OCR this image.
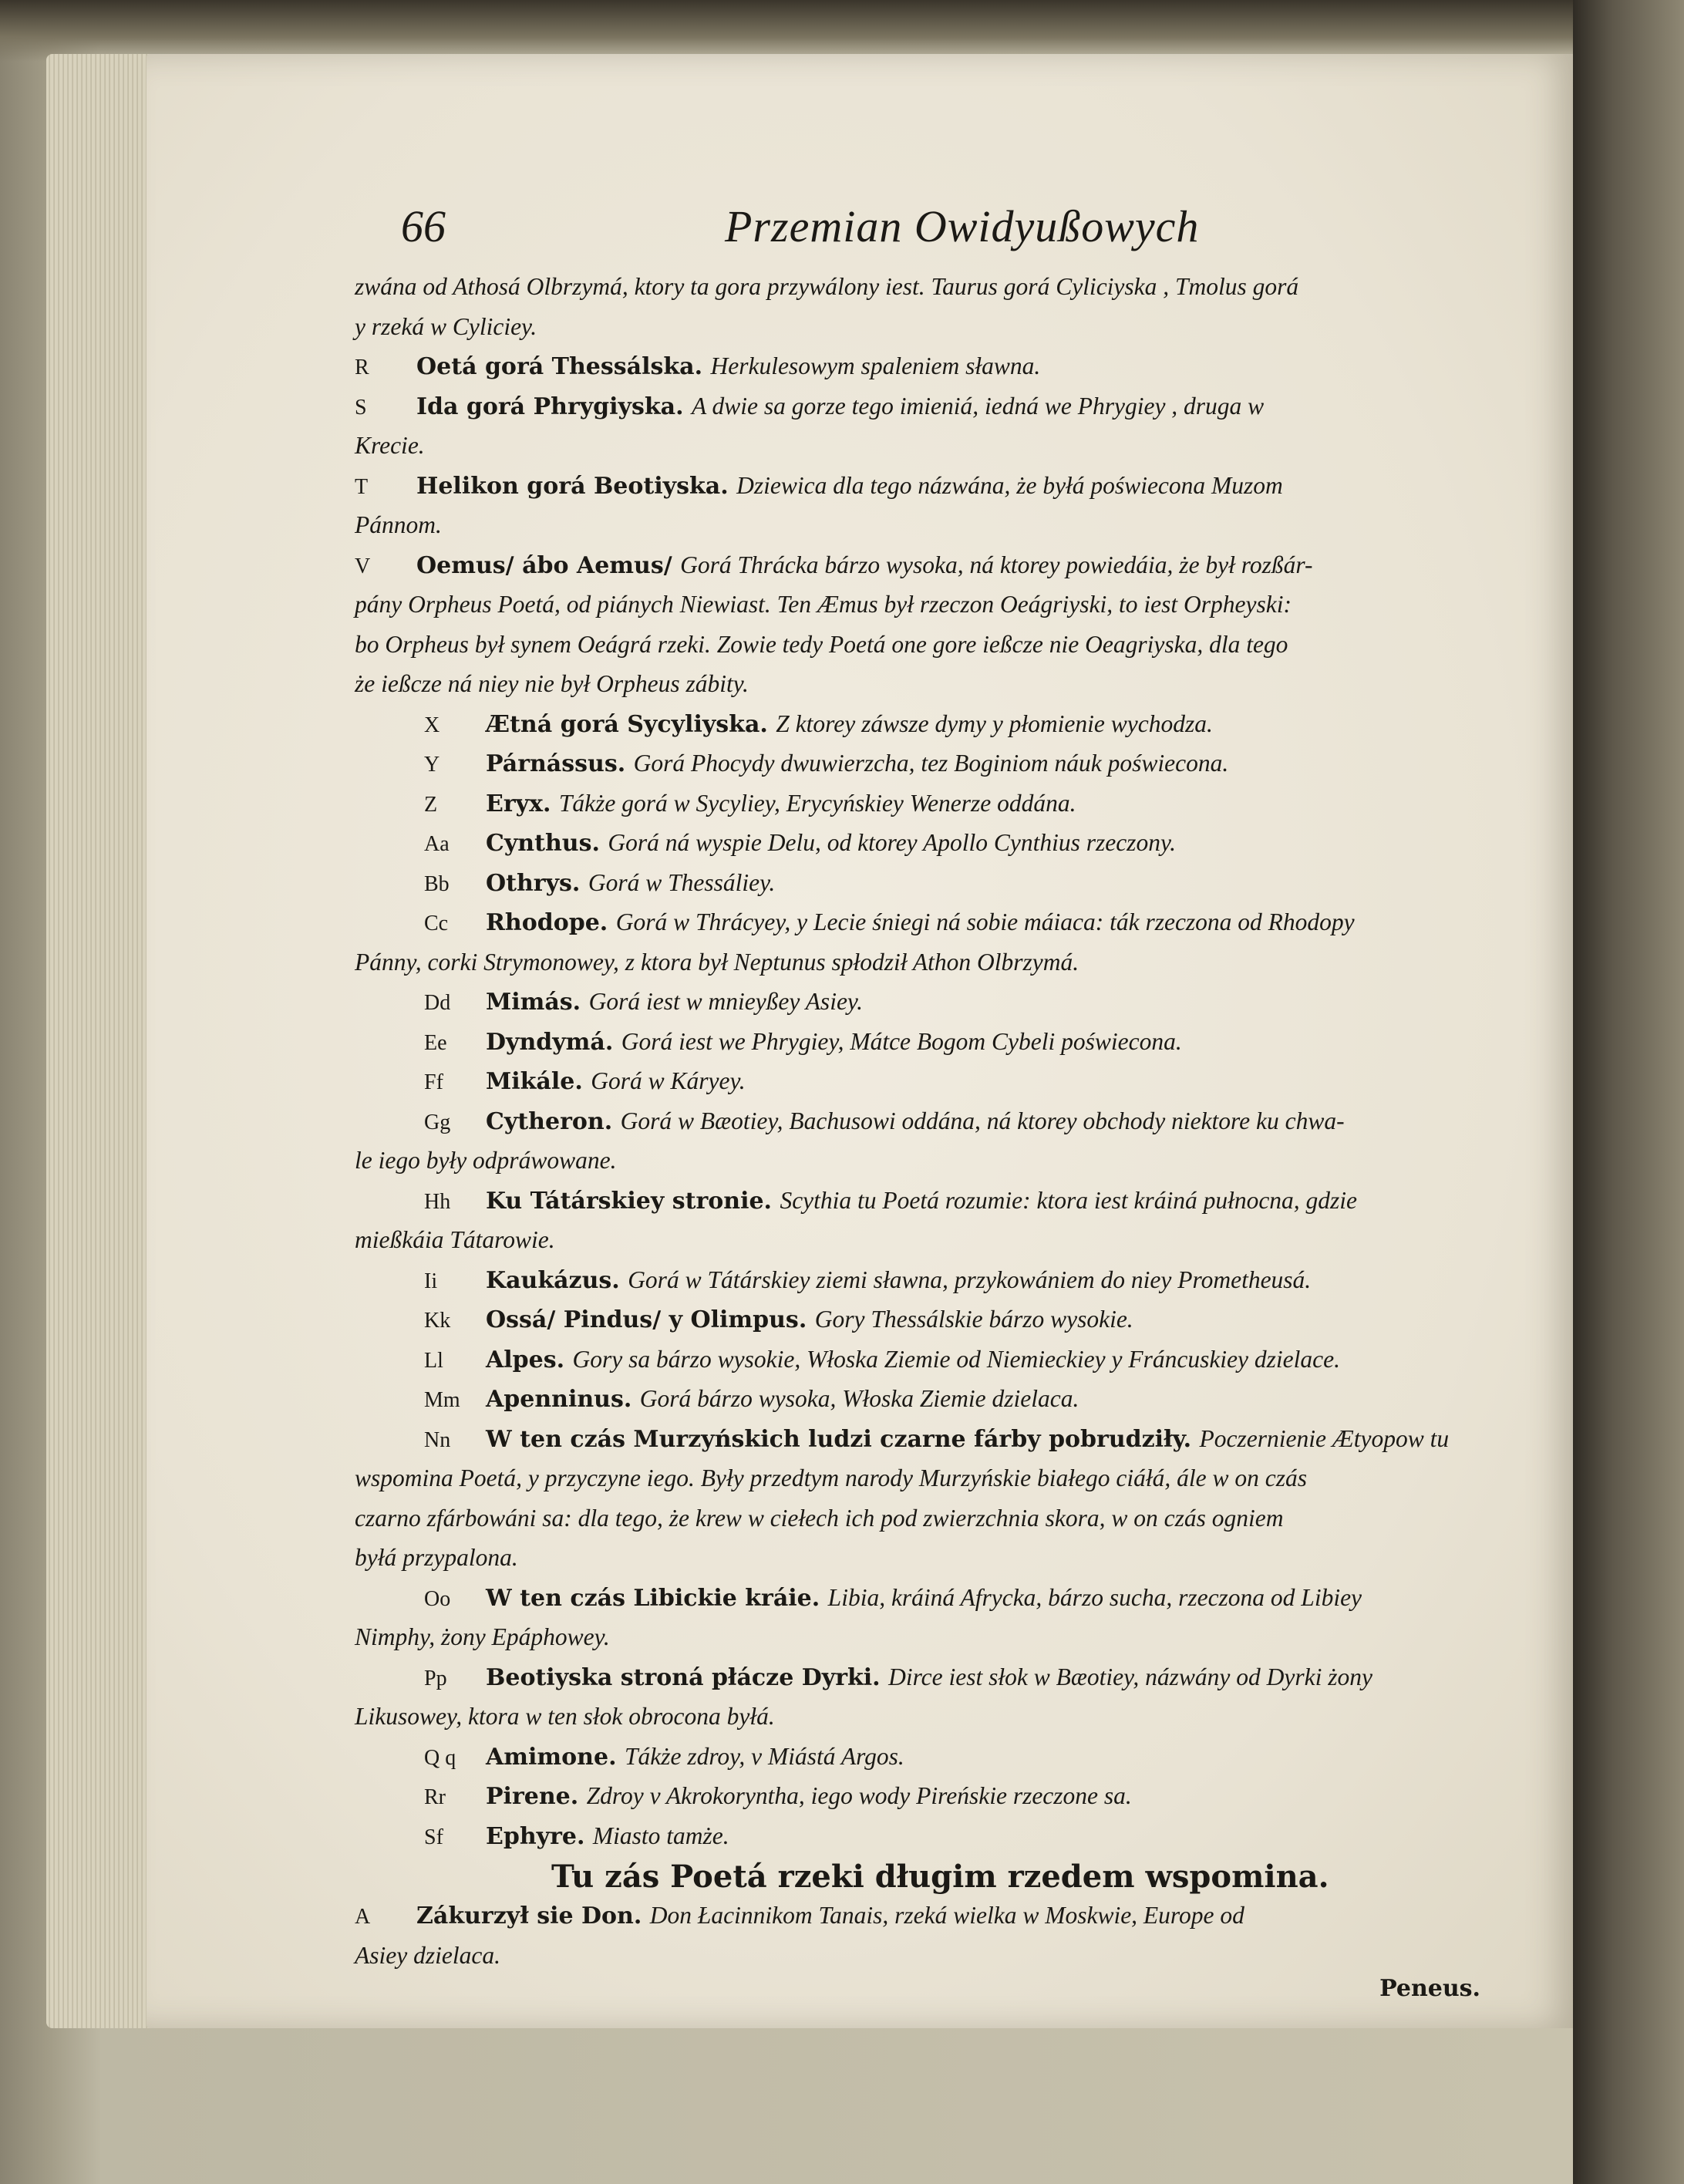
66	Przemian Owidyußowych
zwána od Athosá Olbrzymá, ktory ta gora przywálony iest. Taurus gorá Cyliciyska , Tmolus gorá
y rzeká w Cyliciey.
R Oetá gorá Thessálska. Herkulesowym spaleniem sławna.
S Ida gorá Phrygiyska. A dwie sa gorze tego imieniá, iedná we Phrygiey , druga w
Krecie.
T Helikon gorá Beotiyska. Dziewica dla tego názwána, że byłá poświecona Muzom
Pánnom.
V Oemus/ ábo Aemus/ Gorá Thrácka bárzo wysoka, ná ktorey powiedáia, że był rozßár-
pány Orpheus Poetá, od piánych Niewiast. Ten Æmus był rzeczon Oeágriyski, to iest Orpheyski:
bo Orpheus był synem Oeágrá rzeki. Zowie tedy Poetá one gore ießcze nie Oeagriyska, dla tego
że ießcze ná niey nie był Orpheus zábity.
X Ætná gorá Sycyliyska. Z ktorey záwsze dymy y płomienie wychodza.
Y Párnássus. Gorá Phocydy dwuwierzcha, tez Boginiom náuk poświecona.
Z Eryx. Tákże gorá w Sycyliey, Erycyńskiey Wenerze oddána.
Aa Cynthus. Gorá ná wyspie Delu, od ktorey Apollo Cynthius rzeczony.
Bb Othrys. Gorá w Thessáliey.
Cc Rhodope. Gorá w Thrácyey, y Lecie śniegi ná sobie máiaca: ták rzeczona od Rhodopy
Pánny, corki Strymonowey, z ktora był Neptunus spłodził Athon Olbrzymá.
Dd Mimás. Gorá iest w mnieyßey Asiey.
Ee Dyndymá. Gorá iest we Phrygiey, Mátce Bogom Cybeli poświecona.
Ff Mikále. Gorá w Káryey.
Gg Cytheron. Gorá w Bæotiey, Bachusowi oddána, ná ktorey obchody niektore ku chwa-
le iego były odpráwowane.
Hh Ku Tátárskiey stronie. Scythia tu Poetá rozumie: ktora iest kráiná pułnocna, gdzie
mießkáia Tátarowie.
Ii Kaukázus. Gorá w Tátárskiey ziemi sławna, przykowániem do niey Prometheusá.
Kk Ossá/ Pindus/ y Olimpus. Gory Thessálskie bárzo wysokie.
Ll Alpes. Gory sa bárzo wysokie, Włoska Ziemie od Niemieckiey y Fráncuskiey dzielace.
Mm Apenninus. Gorá bárzo wysoka, Włoska Ziemie dzielaca.
Nn W ten czás Murzyńskich ludzi czarne fárby pobrudziły. Poczernienie Ætyopow tu
wspomina Poetá, y przyczyne iego. Były przedtym narody Murzyńskie białego ciáłá, ále w on czás
czarno zfárbowáni sa: dla tego, że krew w ciełech ich pod zwierzchnia skora, w on czás ogniem
byłá przypalona.
Oo W ten czás Libickie kráie. Libia, kráiná Afrycka, bárzo sucha, rzeczona od Libiey
Nimphy, żony Epáphowey.
Pp Beotiyska stroná płácze Dyrki. Dirce iest słok w Bæotiey, názwány od Dyrki żony
Likusowey, ktora w ten słok obrocona byłá.
Q q Amimone. Tákże zdroy, v Miástá Argos.
Rr Pirene. Zdroy v Akrokoryntha, iego wody Pireńskie rzeczone sa.
Sf Ephyre. Miasto tamże.
Tu zás Poetá rzeki długim rzedem wspomina.
A Zákurzył sie Don. Don Łacinnikom Tanais, rzeká wielka w Moskwie, Europe od
Asiey dzielaca.
Peneus.
